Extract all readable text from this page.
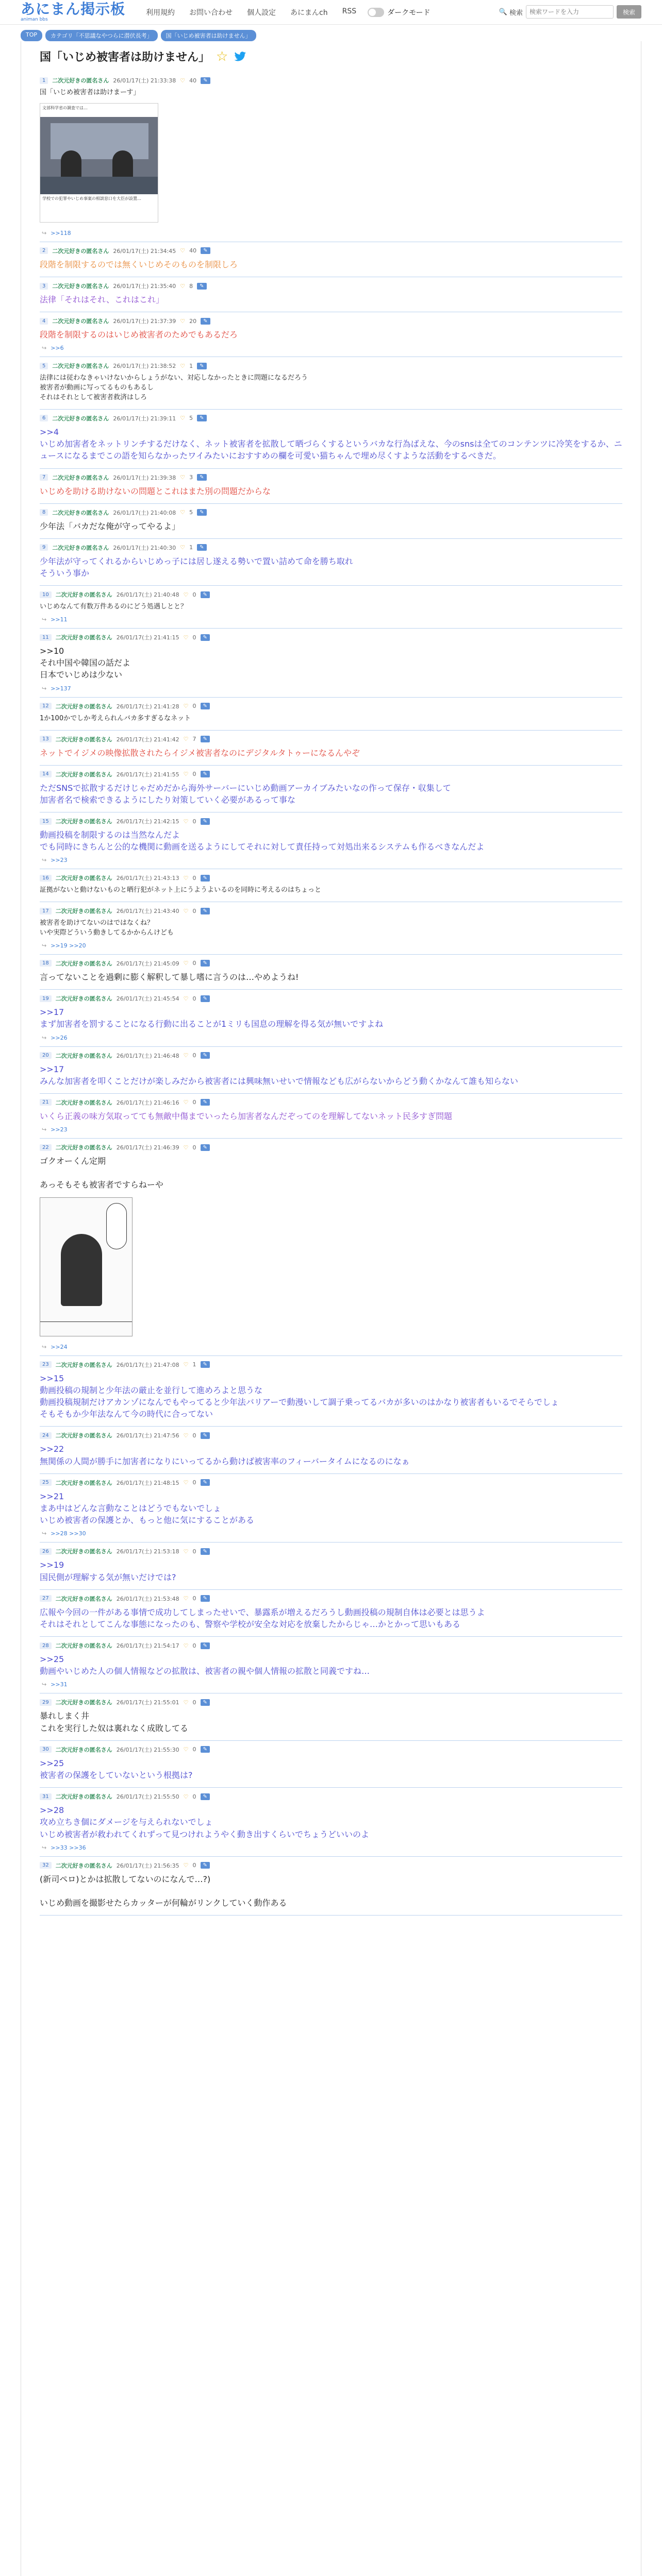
あにまん掲示板
animan bbs
利用規約 お問い合わせ 個人設定 あにまんch RSS	ダークモード	🔍 検索
検索ワードを入力	検索
TOP	カテゴリ「不思議なやつらに潜伏長考」	国「いじめ被害者は助けません」
国「いじめ被害者は助けません」 ☆
1	二次元好きの匿名さん 26/01/17(土) 21:33:38 ♡ 40	✎
国「いじめ被害者は助けまーす」
文部科学省の調査では…
学校での犯罪やいじめ事案の相談窓口を大臣が設置…
↪ >>118
2	二次元好きの匿名さん 26/01/17(土) 21:34:45 ♡ 40	✎
段階を制限するのでは無くいじめそのものを制限しろ
3	二次元好きの匿名さん 26/01/17(土) 21:35:40 ♡ 8	✎
法律「それはそれ、これはこれ」
4	二次元好きの匿名さん 26/01/17(土) 21:37:39 ♡ 20	✎
段階を制限するのはいじめ被害者のためでもあるだろ
↪ >>6
5	二次元好きの匿名さん 26/01/17(土) 21:38:52 ♡ 1	✎
法律には従わなきゃいけないからしょうがない、対応しなかったときに問題になるだろう
被害者が動画に写ってるものもあるし
それはそれとして被害者救済はしろ
6	二次元好きの匿名さん 26/01/17(土) 21:39:11 ♡ 5	✎
>>4
いじめ加害者をネットリンチするだけなく、ネット被害者を拡散して晒づらくするというバカな行為ばえな、今のsnsは全てのコンテンツに冷笑をするか、ニュースになるまでこの語を知らなかったワイみたいにおすすめの欄を可愛い猫ちゃんで埋め尽くすような活動をするべきだ。
7	二次元好きの匿名さん 26/01/17(土) 21:39:38 ♡ 3	✎
いじめを助ける助けないの問題とこれはまた別の問題だからな
8	二次元好きの匿名さん 26/01/17(土) 21:40:08 ♡ 5	✎
少年法「バカだな俺が守ってやるよ」
9	二次元好きの匿名さん 26/01/17(土) 21:40:30 ♡ 1	✎
少年法が守ってくれるからいじめっ子には居し遂える勢いで置い詰めて命を勝ち取れ
そういう事か
10	二次元好きの匿名さん 26/01/17(土) 21:40:48 ♡ 0	✎
いじめなんて有数万件あるのにどう処遇しとと？
↪ >>11
11	二次元好きの匿名さん 26/01/17(土) 21:41:15 ♡ 0	✎
>>10
それ中国や韓国の話だよ
日本でいじめは少ない
↪ >>137
12	二次元好きの匿名さん 26/01/17(土) 21:41:28 ♡ 0	✎
1か100かでしか考えられんバカ多すぎるなネット
13	二次元好きの匿名さん 26/01/17(土) 21:41:42 ♡ 7	✎
ネットでイジメの映像拡散されたらイジメ被害者なのにデジタルタトゥーになるんやぞ
14	二次元好きの匿名さん 26/01/17(土) 21:41:55 ♡ 0	✎
ただSNSで拡散するだけじゃだめだから海外サーバーにいじめ動画アーカイブみたいなの作って保存・収集して
加害者名で検索できるようにしたり対策していく必要があるって事な
15	二次元好きの匿名さん 26/01/17(土) 21:42:15 ♡ 0	✎
動画投稿を制限するのは当然なんだよ
でも同時にきちんと公的な機関に動画を送るようにしてそれに対して責任持って対処出来るシステムも作るべきなんだよ
↪ >>23
16	二次元好きの匿名さん 26/01/17(土) 21:43:13 ♡ 0	✎
証拠がないと動けないものと晒行犯がネット上にうようよいるのを同時に考えるのはちょっと
17	二次元好きの匿名さん 26/01/17(土) 21:43:40 ♡ 0	✎
被害者を助けてないのはではなくね？
いや実際どういう動きしてるかからんけども
↪ >>19 >>20
18	二次元好きの匿名さん 26/01/17(土) 21:45:09 ♡ 0	✎
言ってないことを過剰に膨く解釈して暴し嗜に言うのは…やめようね!
19	二次元好きの匿名さん 26/01/17(土) 21:45:54 ♡ 0	✎
>>17
まず加害者を罰することになる行動に出ることが1ミリも国息の理解を得る気が無いですよね
↪ >>26
20	二次元好きの匿名さん 26/01/17(土) 21:46:48 ♡ 0	✎
>>17
みんな加害者を叩くことだけが楽しみだから被害者には興味無いせいで情報なども広がらないからどう動くかなんて誰も知らない
21	二次元好きの匿名さん 26/01/17(土) 21:46:16 ♡ 0	✎
いくら正義の味方気取ってても無敵中傷までいったら加害者なんだぞってのを理解してないネット民多すぎ問題
↪ >>23
22	二次元好きの匿名さん 26/01/17(土) 21:46:39 ♡ 0	✎
ゴクオーくん定期

あっそもそも被害者ですらねーや
↪ >>24
23	二次元好きの匿名さん 26/01/17(土) 21:47:08 ♡ 1	✎
>>15
動画投稿の規制と少年法の厳止を並行して進めろよと思うな
動画投稿規制だけアカンゾになんでもやってると少年法バリアーで動漫いして調子乗ってるバカが多いのはかなり被害者もいるでそらでしょ
そもそもか少年法なんて今の時代に合ってない
24	二次元好きの匿名さん 26/01/17(土) 21:47:56 ♡ 0	✎
>>22
無関係の人間が勝手に加害者になりにいってるから動けば被害率のフィーバータイムになるのになぁ
25	二次元好きの匿名さん 26/01/17(土) 21:48:15 ♡ 0	✎
>>21
まあ中はどんな言動なことはどうでもないでしょ
いじめ被害者の保護とか、もっと他に気にすることがある
↪ >>28 >>30
26	二次元好きの匿名さん 26/01/17(土) 21:53:18 ♡ 0	✎
>>19
国民側が理解する気が無いだけでは?
27	二次元好きの匿名さん 26/01/17(土) 21:53:48 ♡ 0	✎
広報や今回の一件がある事情で成功してしまったせいで、暴露系が増えるだろうし動画投稿の規制自体は必要とは思うよ
それはそれとしてこんな事態になったのも、警察や学校が安全な対応を放棄したからじゃ…かとかって思いもある
28	二次元好きの匿名さん 26/01/17(土) 21:54:17 ♡ 0	✎
>>25
動画やいじめた人の個人情報などの拡散は、被害者の親や個人情報の拡散と同義ですね…
↪ >>31
29	二次元好きの匿名さん 26/01/17(土) 21:55:01 ♡ 0	✎
暴れしまく井
これを実行した奴は裏れなく成敗してる
30	二次元好きの匿名さん 26/01/17(土) 21:55:30 ♡ 0	✎
>>25
被害者の保護をしていないという根拠は?
31	二次元好きの匿名さん 26/01/17(土) 21:55:50 ♡ 0	✎
>>28
攻め立ちき個にダメージを与えられないでしょ
いじめ被害者が救われてくれずって見つけれようやく動き出すくらいでちょうどいいのよ
↪ >>33 >>36
32	二次元好きの匿名さん 26/01/17(土) 21:56:35 ♡ 0	✎
(新司ペロ)とかは拡散してないのになんで…?)

いじめ動画を撮影せたらカッターが何輪がリンクしていく動作ある
